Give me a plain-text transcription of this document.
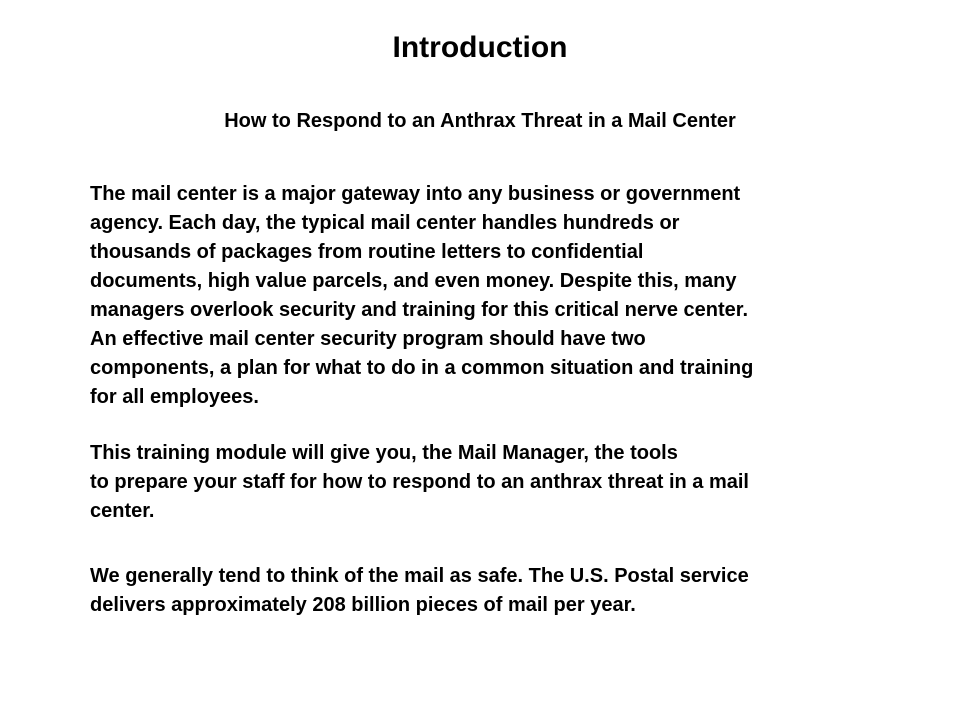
Introduction
How to Respond to an Anthrax Threat in a Mail Center
The mail center is a major gateway into any business or government
agency. Each day, the typical mail center handles hundreds or
thousands of packages from routine letters to confidential
documents, high value parcels, and even money. Despite this, many
managers overlook security and training for this critical nerve center.
An effective mail center security program should have two
components, a plan for what to do in a common situation and training
for all employees.
This training module will give you, the Mail Manager, the tools
to prepare your staff for how to respond to an anthrax threat in a mail
center.
We generally tend to think of the mail as safe. The U.S. Postal service
delivers approximately 208 billion pieces of mail per year.
